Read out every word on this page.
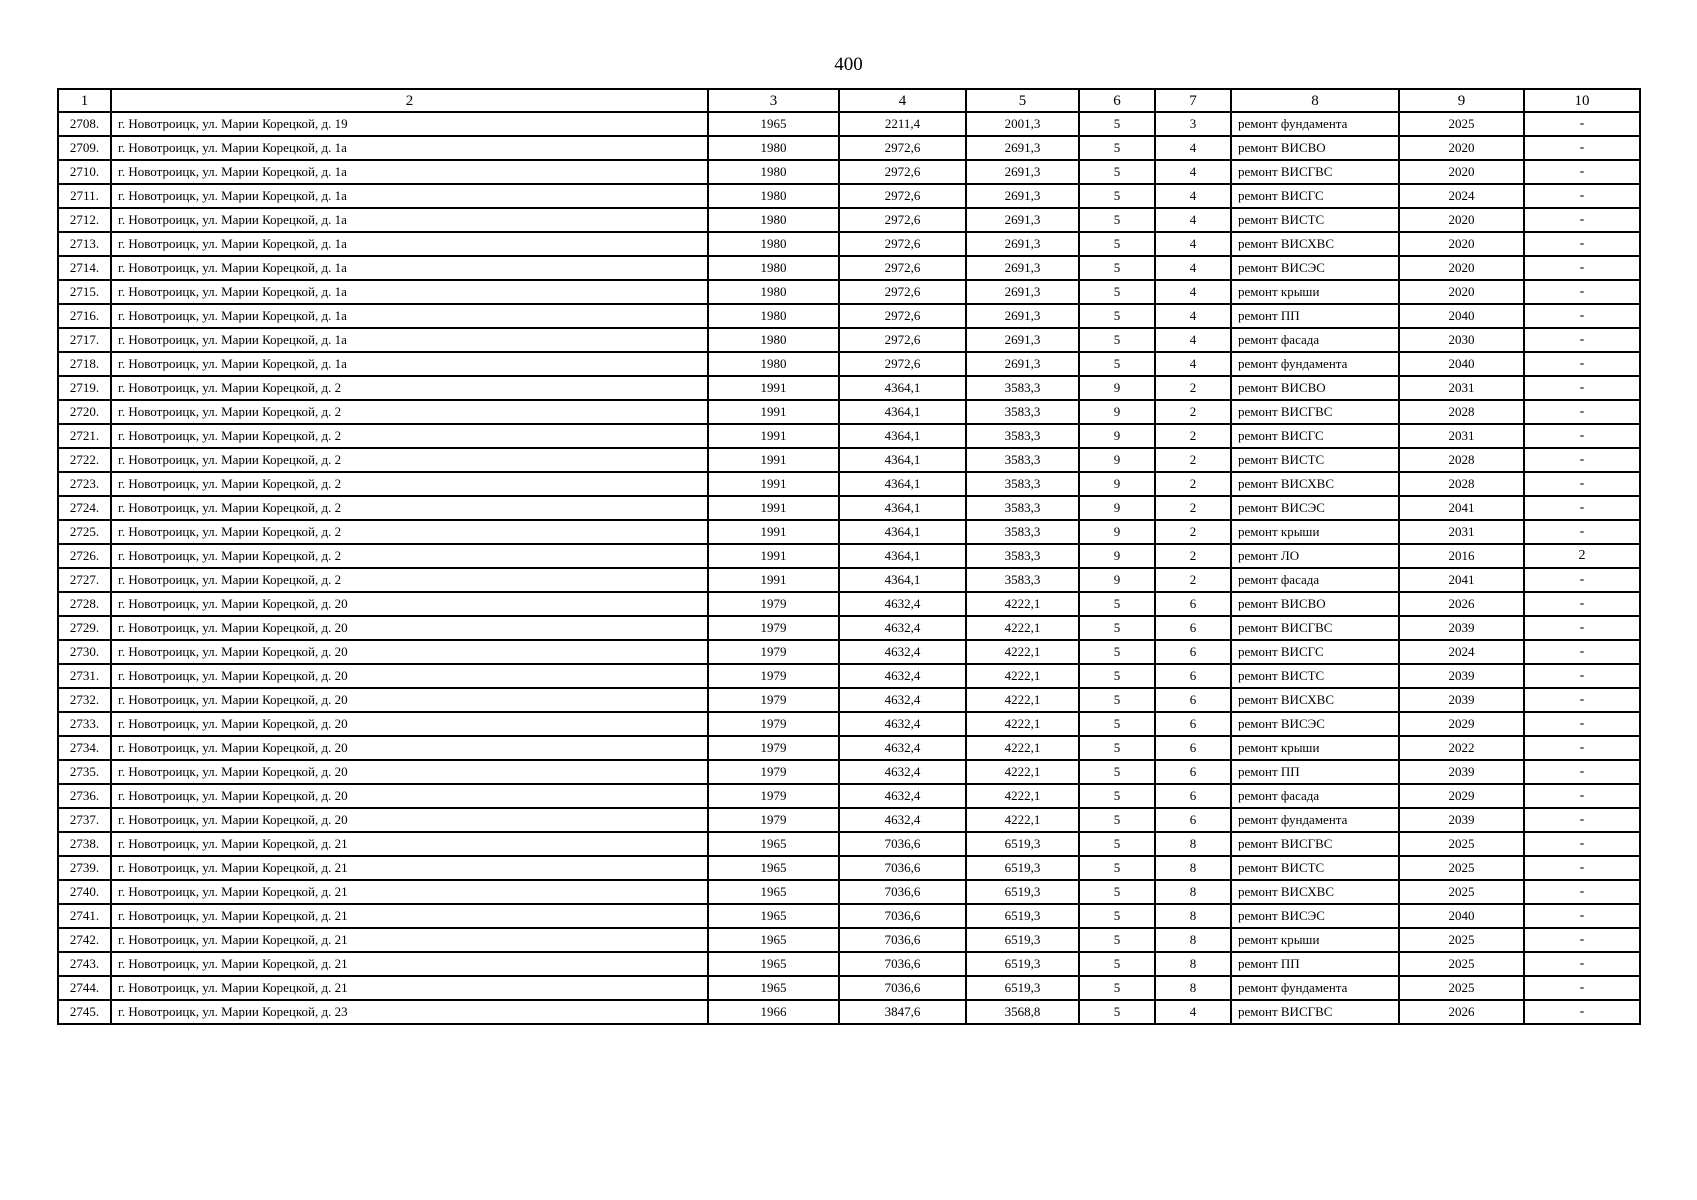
400
1	2	3	4	5	6	7	8	9	10
2708.	г. Новотроицк, ул. Марии Корецкой, д. 19	1965	2211,4	2001,3	5	3	ремонт фундамента	2025	-
2709.	г. Новотроицк, ул. Марии Корецкой, д. 1а	1980	2972,6	2691,3	5	4	ремонт ВИСВО	2020	-
2710.	г. Новотроицк, ул. Марии Корецкой, д. 1а	1980	2972,6	2691,3	5	4	ремонт ВИСГВС	2020	-
2711.	г. Новотроицк, ул. Марии Корецкой, д. 1а	1980	2972,6	2691,3	5	4	ремонт ВИСГС	2024	-
2712.	г. Новотроицк, ул. Марии Корецкой, д. 1а	1980	2972,6	2691,3	5	4	ремонт ВИСТС	2020	-
2713.	г. Новотроицк, ул. Марии Корецкой, д. 1а	1980	2972,6	2691,3	5	4	ремонт ВИСХВС	2020	-
2714.	г. Новотроицк, ул. Марии Корецкой, д. 1а	1980	2972,6	2691,3	5	4	ремонт ВИСЭС	2020	-
2715.	г. Новотроицк, ул. Марии Корецкой, д. 1а	1980	2972,6	2691,3	5	4	ремонт крыши	2020	-
2716.	г. Новотроицк, ул. Марии Корецкой, д. 1а	1980	2972,6	2691,3	5	4	ремонт ПП	2040	-
2717.	г. Новотроицк, ул. Марии Корецкой, д. 1а	1980	2972,6	2691,3	5	4	ремонт фасада	2030	-
2718.	г. Новотроицк, ул. Марии Корецкой, д. 1а	1980	2972,6	2691,3	5	4	ремонт фундамента	2040	-
2719.	г. Новотроицк, ул. Марии Корецкой, д. 2	1991	4364,1	3583,3	9	2	ремонт ВИСВО	2031	-
2720.	г. Новотроицк, ул. Марии Корецкой, д. 2	1991	4364,1	3583,3	9	2	ремонт ВИСГВС	2028	-
2721.	г. Новотроицк, ул. Марии Корецкой, д. 2	1991	4364,1	3583,3	9	2	ремонт ВИСГС	2031	-
2722.	г. Новотроицк, ул. Марии Корецкой, д. 2	1991	4364,1	3583,3	9	2	ремонт ВИСТС	2028	-
2723.	г. Новотроицк, ул. Марии Корецкой, д. 2	1991	4364,1	3583,3	9	2	ремонт ВИСХВС	2028	-
2724.	г. Новотроицк, ул. Марии Корецкой, д. 2	1991	4364,1	3583,3	9	2	ремонт ВИСЭС	2041	-
2725.	г. Новотроицк, ул. Марии Корецкой, д. 2	1991	4364,1	3583,3	9	2	ремонт крыши	2031	-
2726.	г. Новотроицк, ул. Марии Корецкой, д. 2	1991	4364,1	3583,3	9	2	ремонт ЛО	2016	2
2727.	г. Новотроицк, ул. Марии Корецкой, д. 2	1991	4364,1	3583,3	9	2	ремонт фасада	2041	-
2728.	г. Новотроицк, ул. Марии Корецкой, д. 20	1979	4632,4	4222,1	5	6	ремонт ВИСВО	2026	-
2729.	г. Новотроицк, ул. Марии Корецкой, д. 20	1979	4632,4	4222,1	5	6	ремонт ВИСГВС	2039	-
2730.	г. Новотроицк, ул. Марии Корецкой, д. 20	1979	4632,4	4222,1	5	6	ремонт ВИСГС	2024	-
2731.	г. Новотроицк, ул. Марии Корецкой, д. 20	1979	4632,4	4222,1	5	6	ремонт ВИСТС	2039	-
2732.	г. Новотроицк, ул. Марии Корецкой, д. 20	1979	4632,4	4222,1	5	6	ремонт ВИСХВС	2039	-
2733.	г. Новотроицк, ул. Марии Корецкой, д. 20	1979	4632,4	4222,1	5	6	ремонт ВИСЭС	2029	-
2734.	г. Новотроицк, ул. Марии Корецкой, д. 20	1979	4632,4	4222,1	5	6	ремонт крыши	2022	-
2735.	г. Новотроицк, ул. Марии Корецкой, д. 20	1979	4632,4	4222,1	5	6	ремонт ПП	2039	-
2736.	г. Новотроицк, ул. Марии Корецкой, д. 20	1979	4632,4	4222,1	5	6	ремонт фасада	2029	-
2737.	г. Новотроицк, ул. Марии Корецкой, д. 20	1979	4632,4	4222,1	5	6	ремонт фундамента	2039	-
2738.	г. Новотроицк, ул. Марии Корецкой, д. 21	1965	7036,6	6519,3	5	8	ремонт ВИСГВС	2025	-
2739.	г. Новотроицк, ул. Марии Корецкой, д. 21	1965	7036,6	6519,3	5	8	ремонт ВИСТС	2025	-
2740.	г. Новотроицк, ул. Марии Корецкой, д. 21	1965	7036,6	6519,3	5	8	ремонт ВИСХВС	2025	-
2741.	г. Новотроицк, ул. Марии Корецкой, д. 21	1965	7036,6	6519,3	5	8	ремонт ВИСЭС	2040	-
2742.	г. Новотроицк, ул. Марии Корецкой, д. 21	1965	7036,6	6519,3	5	8	ремонт крыши	2025	-
2743.	г. Новотроицк, ул. Марии Корецкой, д. 21	1965	7036,6	6519,3	5	8	ремонт ПП	2025	-
2744.	г. Новотроицк, ул. Марии Корецкой, д. 21	1965	7036,6	6519,3	5	8	ремонт фундамента	2025	-
2745.	г. Новотроицк, ул. Марии Корецкой, д. 23	1966	3847,6	3568,8	5	4	ремонт ВИСГВС	2026	-
